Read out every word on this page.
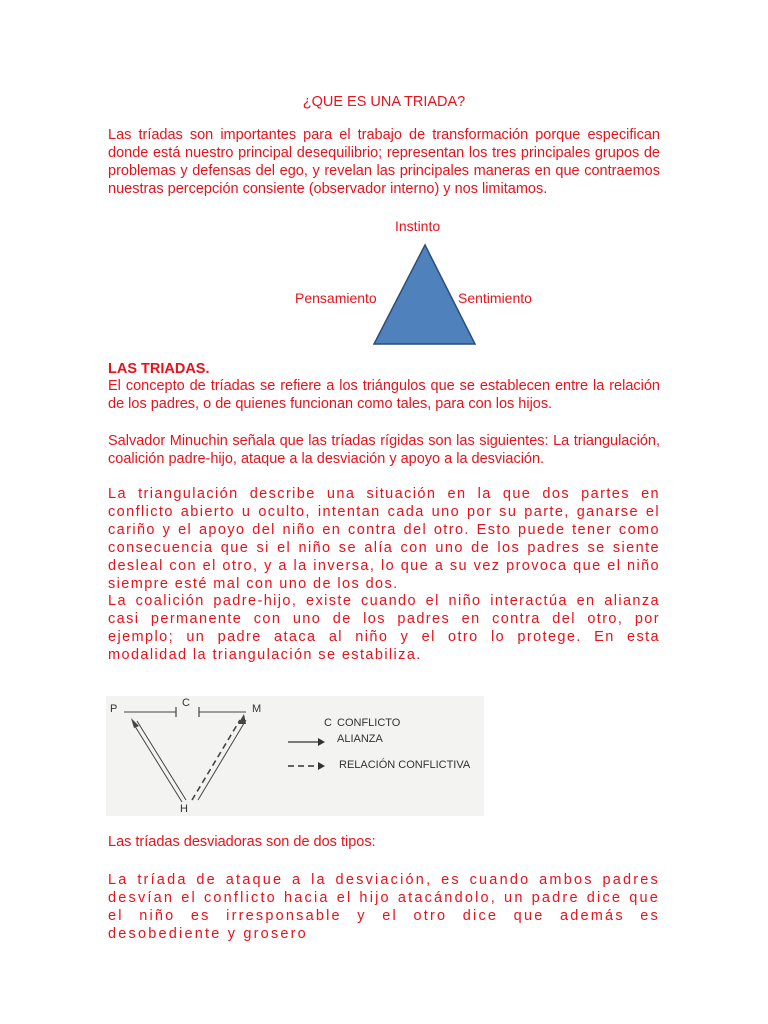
¿QUE ES UNA TRIADA?

Las tríadas son importantes para el trabajo de transformación porque especifican donde está nuestro principal desequilibrio; representan los tres principales grupos de problemas y defensas del ego, y revelan las principales maneras en que contraemos nuestras percepción consiente (observador interno) y nos limitamos.

Instinto
Pensamiento	Sentimiento
LAS TRIADAS.

El concepto de tríadas se refiere a los triángulos que se establecen entre la relación de los padres, o de quienes funcionan como tales, para con los hijos.

Salvador Minuchin señala que las tríadas rígidas son las siguientes: La triangulación, coalición padre-hijo, ataque a la desviación y apoyo a la desviación.

La triangulación describe una situación en la que dos partes en conflicto abierto u oculto, intentan cada uno por su parte, ganarse el cariño y el apoyo del niño en contra del otro. Esto puede tener como consecuencia que si el niño se alía con uno de los padres se siente desleal con el otro, y a la inversa, lo que a su vez provoca que el niño siempre esté mal con uno de los dos.

La coalición padre-hijo, existe cuando el niño interactúa en alianza casi permanente con uno de los padres en contra del otro, por ejemplo; un padre ataca al niño y el otro lo protege. En esta modalidad la triangulación se estabiliza.

P	C	M
H
C CONFLICTO
ALIANZA
RELACIÓN CONFLICTIVA
Las tríadas desviadoras son de dos tipos:

La tríada de ataque a la desviación, es cuando ambos padres desvían el conflicto hacia el hijo atacándolo, un padre dice que el niño es irresponsable y el otro dice que además es desobediente y grosero
